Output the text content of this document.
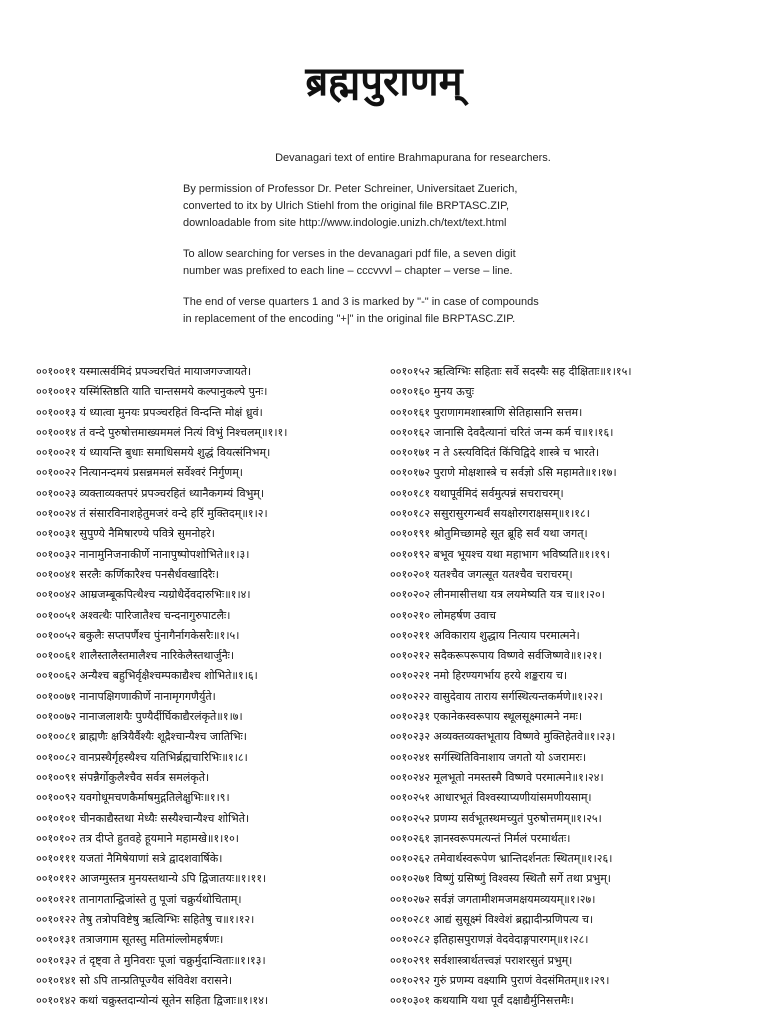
ब्रह्मपुराणम्

Devanagari text of entire Brahmapurana for researchers.

By permission of Professor Dr. Peter Schreiner, Universitaet Zuerich,
converted to itx by Ulrich Stiehl from the original file BRPTASC.ZIP,
downloadable from site http://www.indologie.unizh.ch/text/text.html

To allow searching for verses in the devanagari pdf file, a seven digit
number was prefixed to each line – cccvvvl – chapter – verse – line.

The end of verse quarters 1 and 3 is marked by "-" in case of compounds
in replacement of the encoding "+|" in the original file BRPTASC.ZIP.

००१००११ यस्मात्सर्वमिदं प्रपञ्चरचितं मायाजगज्जायते।
००१००१२ यस्मिंस्तिष्ठति याति चान्तसमये कल्पानुकल्पे पुनः।
००१००१३ यं ध्यात्वा मुनयः प्रपञ्चरहितं विन्दन्ति मोक्षं ध्रुवं।
००१००१४ तं वन्दे पुरुषोत्तमाख्यममलं नित्यं विभुं निश्चलम्॥१।१।
००१००२१ यं ध्यायन्ति बुधाः समाधिसमये शुद्धं वियत्संनिभम्।
००१००२२ नित्यानन्दमयं प्रसन्नममलं सर्वेश्वरं निर्गुणम्।
००१००२३ व्यक्ताव्यक्तपरं प्रपञ्चरहितं ध्यानैकगम्यं विभुम्।
००१००२४ तं संसारविनाशहेतुमजरं वन्दे हरिं मुक्तिदम्॥१।२।
००१००३१ सुपुण्ये नैमिषारण्ये पवित्रे सुमनोहरे।
००१००३२ नानामुनिजनाकीर्णे नानापुष्पोपशोभिते॥१।३।
००१००४१ सरलैः कर्णिकारैश्च पनसैर्धवखादिरैः।
००१००४२ आम्रजम्बूकपित्थैश्च न्यग्रोधैर्देवदारुभिः॥१।४।
००१००५१ अश्वत्थैः पारिजातैश्च चन्दनागुरुपाटलैः।
००१००५२ बकुलैः सप्तपर्णैश्च पुंनागैर्नागकेसरैः॥१।५।
००१००६१ शालैस्तालैस्तमालैश्च नारिकेलैस्तथार्जुनैः।
००१००६२ अन्यैश्च बहुभिर्वृक्षैश्चम्पकाद्यैश्च शोभिते॥१।६।
००१००७१ नानापक्षिगणाकीर्णे नानामृगगणैर्युते।
००१००७२ नानाजलाशयैः पुण्यैर्दीर्घिकाद्यैरलंकृते॥१।७।
००१००८१ ब्राह्मणैः क्षत्रियैर्वैश्यैः शूद्रैश्चान्यैश्च जातिभिः।
००१००८२ वानप्रस्थैर्गृहस्थैश्च यतिभिर्ब्रह्मचारिभिः॥१।८।
००१००९१ संपन्नैर्गोकुलैश्चैव सर्वत्र समलंकृते।
००१००९२ यवगोधूमचणकैर्माषमुद्गतिलेक्षुभिः॥१।९।
००१०१०१ चीनकाद्यैस्तथा मेध्यैः सस्यैश्चान्यैश्च शोभिते।
००१०१०२ तत्र दीप्ते हुतवहे हूयमाने महामखे॥१।१०।
००१०१११ यजतां नैमिषेयाणां सत्रे द्वादशवार्षिके।
००१०११२ आजग्मुस्तत्र मुनयस्तथान्ये ऽपि द्विजातयः॥१।११।
००१०१२१ तानागतान्द्विजांस्ते तु पूजां चक्रुर्यथोचिताम्।
००१०१२२ तेषु तत्रोपविष्टेषु ऋत्विग्भिः सहितेषु च॥१।१२।
००१०१३१ तत्राजगाम सूतस्तु मतिमांल्लोमहर्षणः।
००१०१३२ तं दृष्ट्वा ते मुनिवराः पूजां चक्रुर्मुदान्विताः॥१।१३।
००१०१४१ सो ऽपि तान्प्रतिपूज्यैव संविवेश वरासने।
००१०१४२ कथां चक्रुस्तदान्योन्यं सूतेन सहिता द्विजाः॥१।१४।
००१०१५२ ऋत्विग्भिः सहिताः सर्वे सदस्यैः सह दीक्षिताः॥१।१५।
००१०१६० मुनय ऊचुः
००१०१६१ पुराणागमशास्त्राणि सेतिहासानि सत्तम।
००१०१६२ जानासि देवदैत्यानां चरितं जन्म कर्म च॥१।१६।
००१०१७१ न ते ऽस्त्यविदितं किंचिद्विदे शास्त्रे च भारते।
००१०१७२ पुराणे मोक्षशास्त्रे च सर्वज्ञो ऽसि महामते॥१।१७।
००१०१८१ यथापूर्वमिदं सर्वमुत्पन्नं सचराचरम्।
००१०१८२ ससुरासुरगन्धर्वं सयक्षोरगराक्षसम्॥१।१८।
००१०१९१ श्रोतुमिच्छामहे सूत ब्रूहि सर्वं यथा जगत्।
००१०१९२ बभूव भूयश्च यथा महाभाग भविष्यति॥१।१९।
००१०२०१ यतश्चैव जगत्सूत यतश्चैव चराचरम्।
००१०२०२ लीनमासीत्तथा यत्र लयमेष्यति यत्र च॥१।२०।
००१०२१० लोमहर्षण उवाच
००१०२११ अविकाराय शुद्धाय नित्याय परमात्मने।
००१०२१२ सदैकरूपरूपाय विष्णवे सर्वजिष्णवे॥१।२१।
००१०२२१ नमो हिरण्यगर्भाय हरये शङ्कराय च।
००१०२२२ वासुदेवाय ताराय सर्गस्थित्यन्तकर्मणे॥१।२२।
००१०२३१ एकानेकस्वरूपाय स्थूलसूक्ष्मात्मने नमः।
००१०२३२ अव्यक्तव्यक्तभूताय विष्णवे मुक्तिहेतवे॥१।२३।
००१०२४१ सर्गस्थितिविनाशाय जगतो यो ऽजरामरः।
००१०२४२ मूलभूतो नमस्तस्मै विष्णवे परमात्मने॥१।२४।
००१०२५१ आधारभूतं विश्वस्याप्यणीयांसमणीयसाम्।
००१०२५२ प्रणम्य सर्वभूतस्थमच्युतं पुरुषोत्तमम्॥१।२५।
००१०२६१ ज्ञानस्वरूपमत्यन्तं निर्मलं परमार्थतः।
००१०२६२ तमेवार्थस्वरूपेण भ्रान्तिदर्शनतः स्थितम्॥१।२६।
००१०२७१ विष्णुं ग्रसिष्णुं विश्वस्य स्थितौ सर्गे तथा प्रभुम्।
००१०२७२ सर्वज्ञं जगतामीशमजमक्षयमव्ययम्॥१।२७।
००१०२८१ आद्यं सुसूक्ष्मं विश्वेशं ब्रह्मादीन्प्रणिपत्य च।
००१०२८२ इतिहासपुराणज्ञं वेदवेदाङ्गपारगम्॥१।२८।
००१०२९१ सर्वशास्त्रार्थतत्त्वज्ञं पराशरसुतं प्रभुम्।
००१०२९२ गुरुं प्रणम्य वक्ष्यामि पुराणं वेदसंमितम्॥१।२९।
००१०३०१ कथयामि यथा पूर्वं दक्षाद्यैर्मुनिसत्तमैः।
